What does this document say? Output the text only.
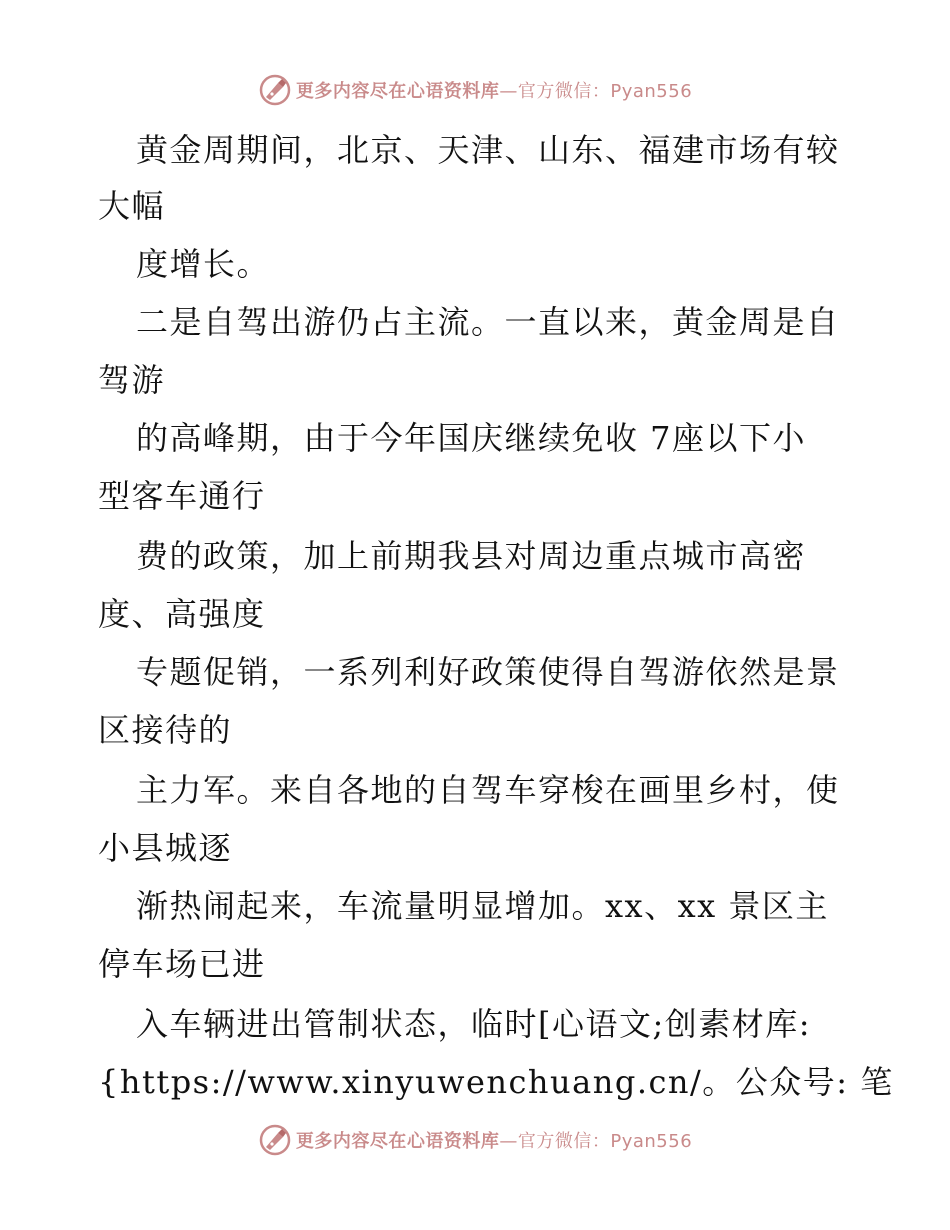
更多内容尽在心语资料库—官方微信：Pyan556
黄金周期间，北京、天津、山东、福建市场有较
大幅
度增长。
二是自驾出游仍占主流。一直以来，黄金周是自
驾游
的高峰期，由于今年国庆继续免收 7座以下小
型客车通行
费的政策，加上前期我县对周边重点城市高密
度、高强度
专题促销，一系列利好政策使得自驾游依然是景
区接待的
主力军。来自各地的自驾车穿梭在画里乡村，使
小县城逐
渐热闹起来，车流量明显增加。xx、xx 景区主
停车场已进
入车辆进出管制状态，临时[心语文;创素材库:
{https://www.xinyuwenchuang.cn/。公众号: 笔
更多内容尽在心语资料库—官方微信：Pyan556
